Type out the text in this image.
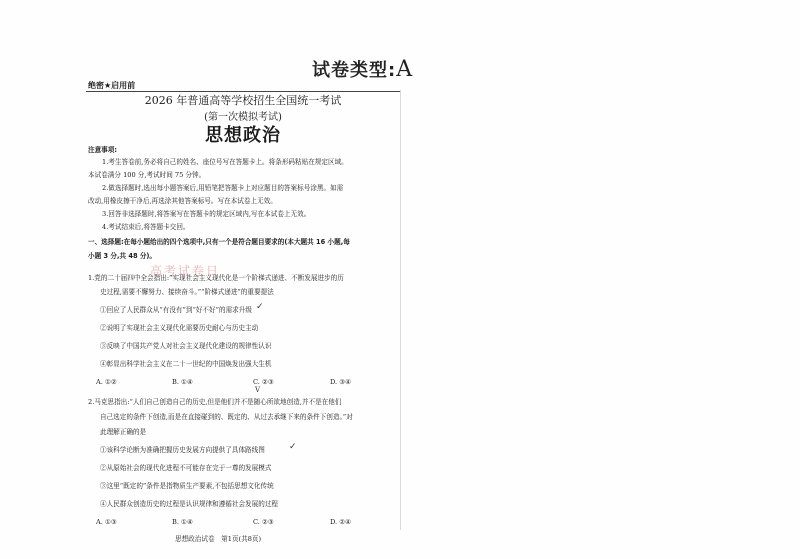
试卷类型:A
绝密★启用前
2026 年普通高等学校招生全国统一考试
(第一次模拟考试)
思想政治
注意事项:
1.考生答卷前,务必将自己的姓名、座位号写在答题卡上。将条形码粘贴在规定区域。
本试卷满分 100 分,考试时间 75 分钟。
2.做选择题时,选出每小题答案后,用铅笔把答题卡上对应题目的答案标号涂黑。如需
改动,用橡皮擦干净后,再选涂其他答案标号。写在本试卷上无效。
3.回答非选择题时,将答案写在答题卡的规定区域内,写在本试卷上无效。
4.考试结束后,将答题卡交回。
一、选择题:在每小题给出的四个选项中,只有一个是符合题目要求的(本大题共 16 小题,每
小题 3 分,共 48 分)。
高考试卷日
1.党的二十届四中全会指出:“实现社会主义现代化是一个阶梯式递进、不断发展进步的历
史过程,需要不懈努力、接续奋斗。”“阶梯式递进”的重要提法
①回应了人民群众从“有没有”到“好不好”的需求升级 ✓
②说明了实现社会主义现代化需要历史耐心与历史主动
③反映了中国共产党人对社会主义现代化建设的规律性认识
④彰显出科学社会主义在二十一世纪的中国焕发出强大生机
A. ①②	B. ①④	C. ②③
V
D. ③④
2.马克思指出:“人们自己创造自己的历史,但是他们并不是随心所欲地创造,并不是在他们
自己选定的条件下创造,而是在直接碰到的、既定的、从过去承继下来的条件下创造。”对
此理解正确的是
①该科学论断为准确把握历史发展方向提供了具体路线图	✓
②从原始社会的现代化进程不可能存在完于一尊的发展模式
③这里“既定的”条件是指物质生产要素,不包括思想文化传统
④人民群众创造历史的过程是认识规律和遵循社会发展的过程
A. ①③	B. ①④	C. ②③	D. ②④
思想政治试卷　第1页(共8页)
